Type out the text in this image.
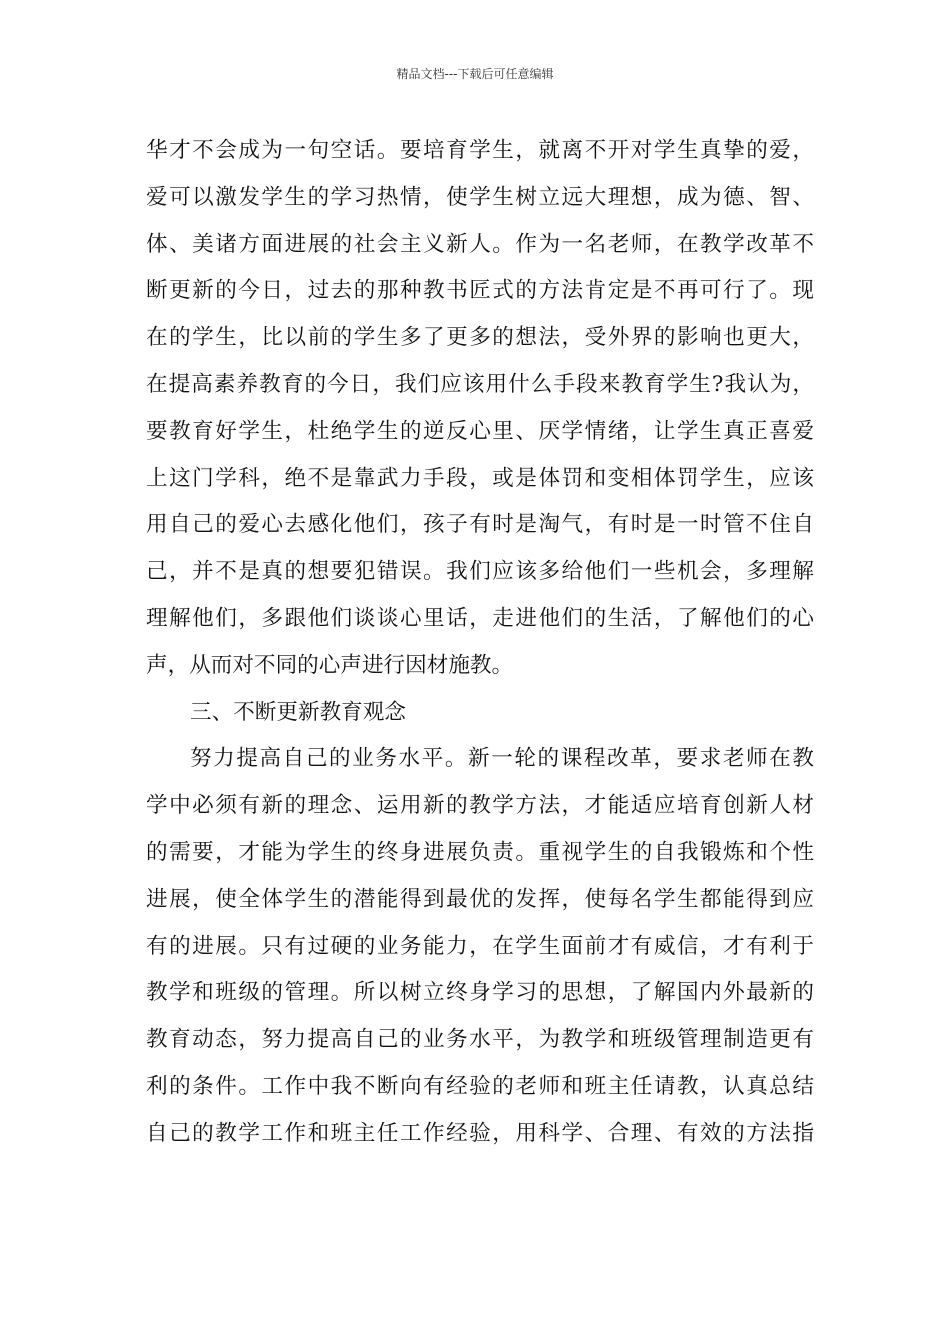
精品文档---下载后可任意编辑
华才不会成为一句空话。要培育学生，就离不开对学生真挚的爱，
爱可以激发学生的学习热情，使学生树立远大理想，成为德、智、
体、美诸方面进展的社会主义新人。作为一名老师，在教学改革不
断更新的今日，过去的那种教书匠式的方法肯定是不再可行了。现
在的学生，比以前的学生多了更多的想法，受外界的影响也更大，
在提高素养教育的今日，我们应该用什么手段来教育学生?我认为，
要教育好学生，杜绝学生的逆反心里、厌学情绪，让学生真正喜爱
上这门学科，绝不是靠武力手段，或是体罚和变相体罚学生，应该
用自己的爱心去感化他们，孩子有时是淘气，有时是一时管不住自
己，并不是真的想要犯错误。我们应该多给他们一些机会，多理解
理解他们，多跟他们谈谈心里话，走进他们的生活，了解他们的心
声，从而对不同的心声进行因材施教。
三、不断更新教育观念
努力提高自己的业务水平。新一轮的课程改革，要求老师在教
学中必须有新的理念、运用新的教学方法，才能适应培育创新人材
的需要，才能为学生的终身进展负责。重视学生的自我锻炼和个性
进展，使全体学生的潜能得到最优的发挥，使每名学生都能得到应
有的进展。只有过硬的业务能力，在学生面前才有威信，才有利于
教学和班级的管理。所以树立终身学习的思想，了解国内外最新的
教育动态，努力提高自己的业务水平，为教学和班级管理制造更有
利的条件。工作中我不断向有经验的老师和班主任请教，认真总结
自己的教学工作和班主任工作经验，用科学、合理、有效的方法指
